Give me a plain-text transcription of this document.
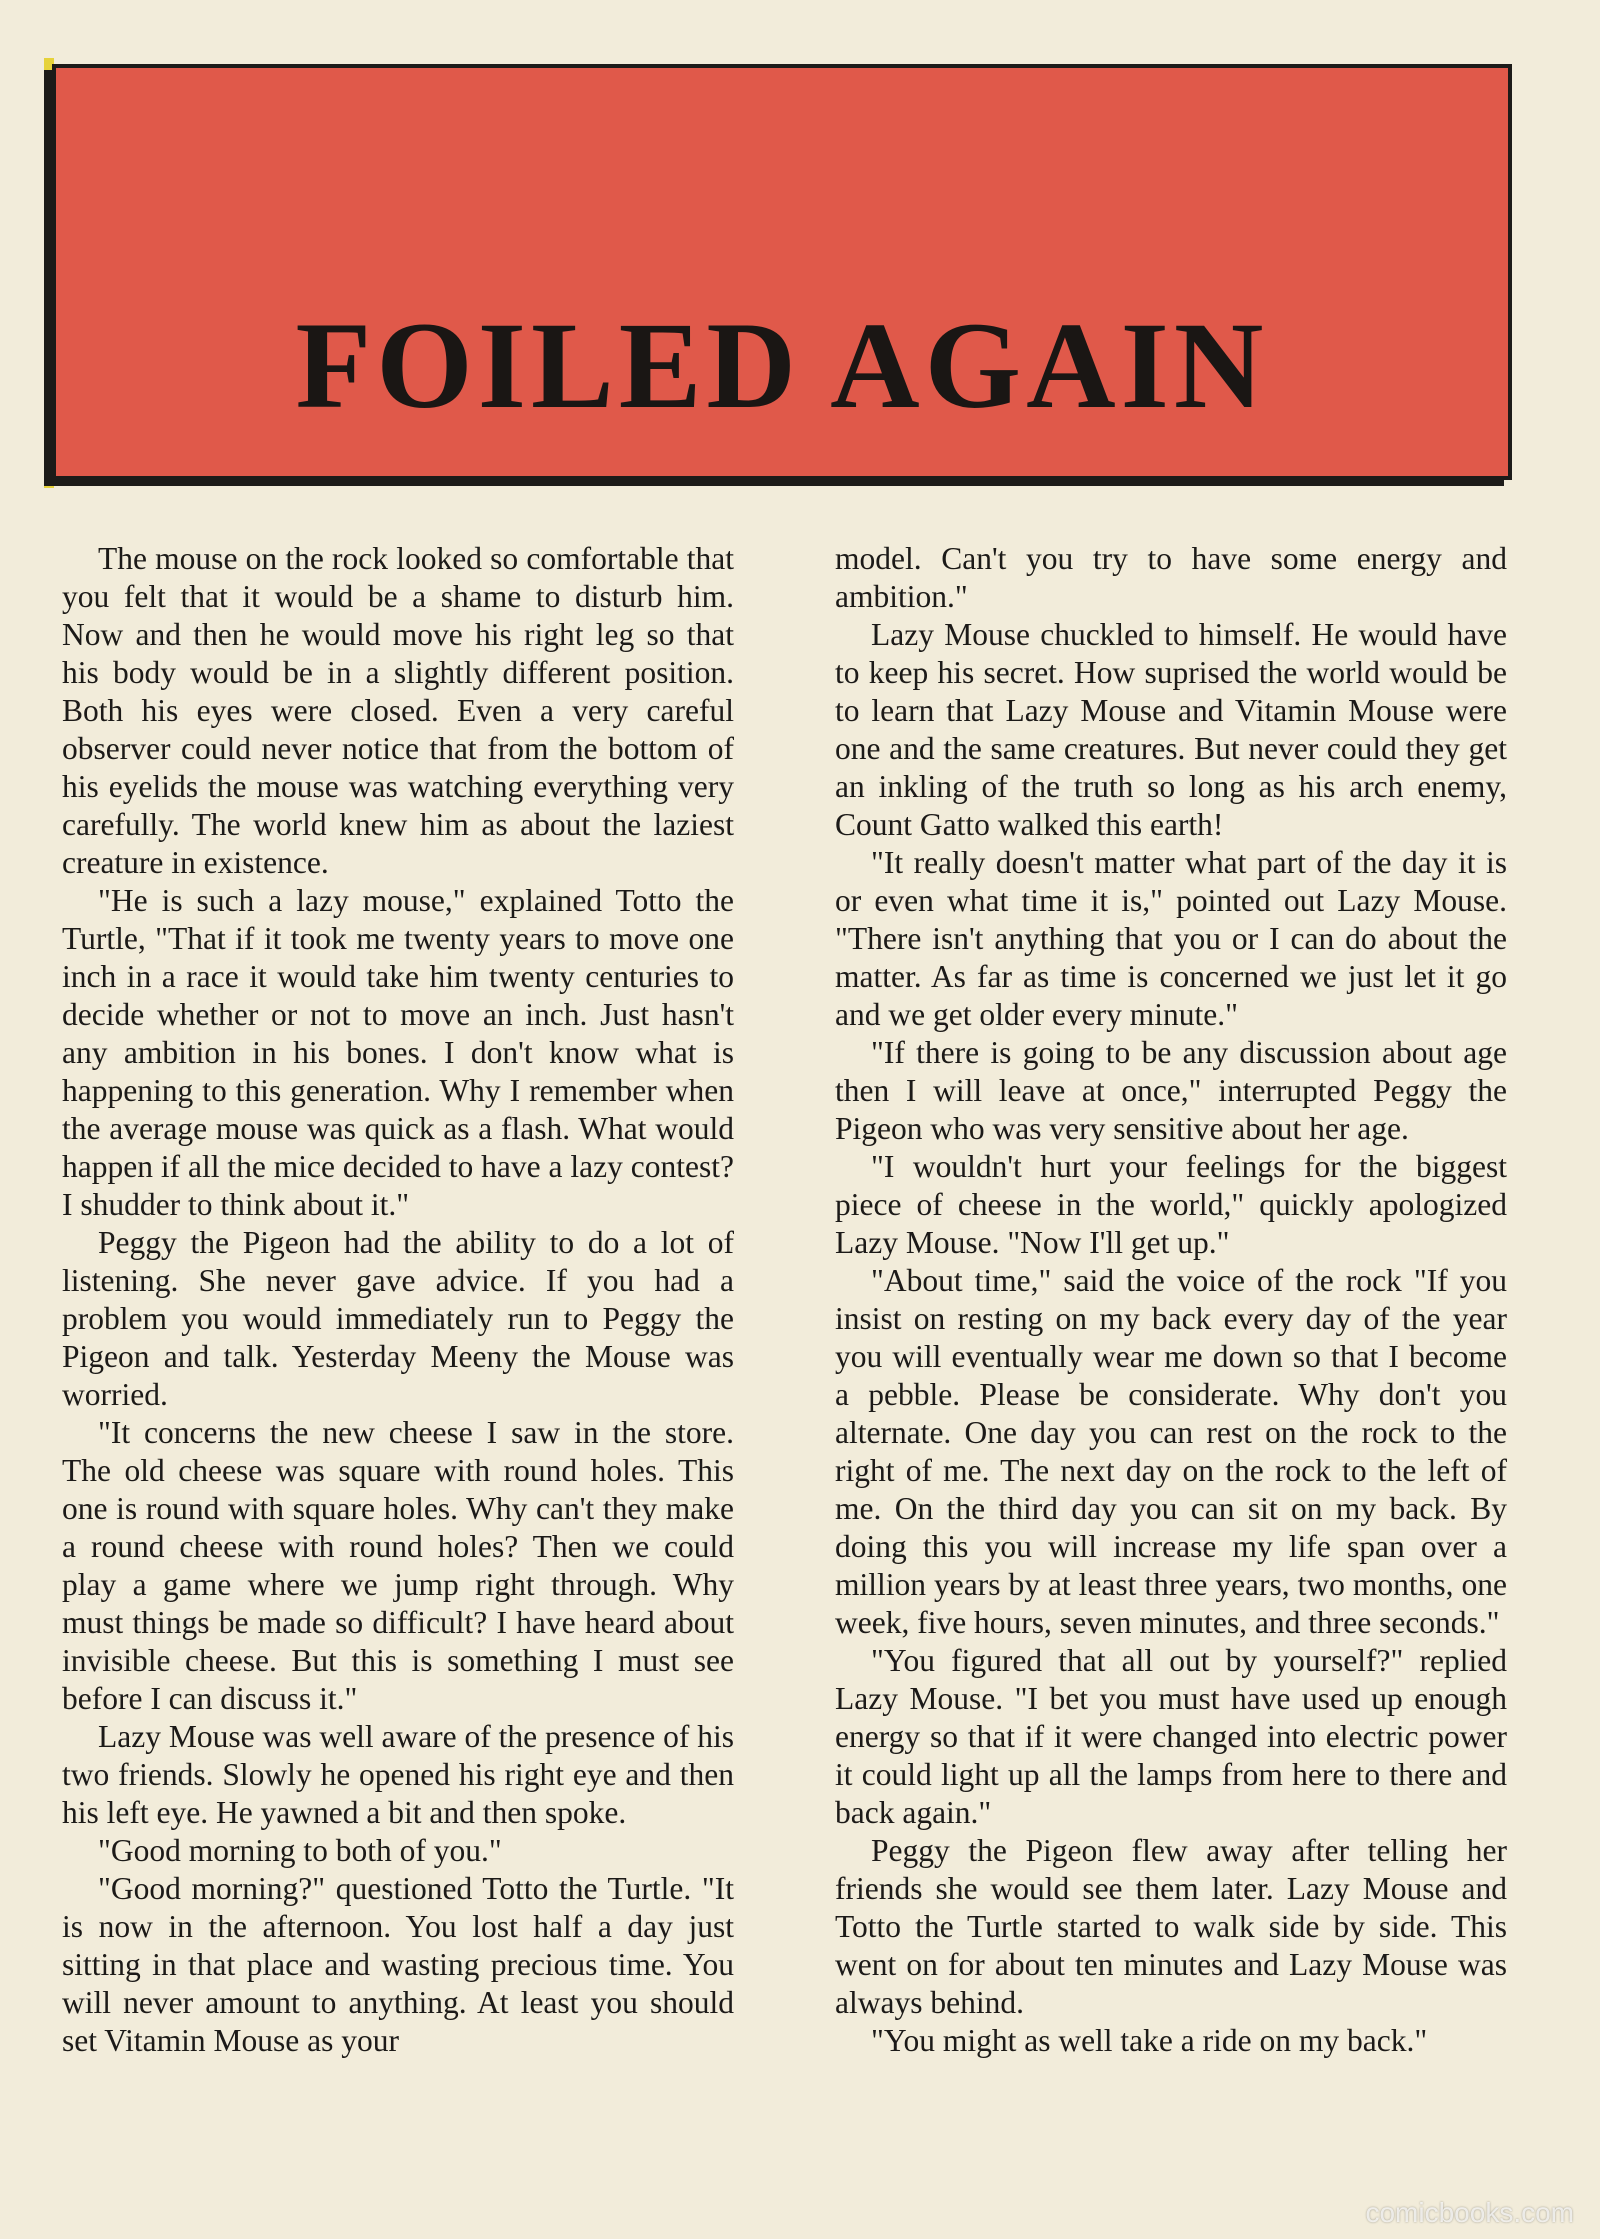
FOILED AGAIN

The mouse on the rock looked so comfortable that you felt that it would be a shame to disturb him. Now and then he would move his right leg so that his body would be in a slightly different position. Both his eyes were closed. Even a very careful observer could never notice that from the bottom of his eyelids the mouse was watching everything very carefully. The world knew him as about the laziest creature in existence.

"He is such a lazy mouse," explained Totto the Turtle, "That if it took me twenty years to move one inch in a race it would take him twenty centuries to decide whether or not to move an inch. Just hasn't any ambition in his bones. I don't know what is happening to this generation. Why I remember when the average mouse was quick as a flash. What would happen if all the mice decided to have a lazy contest? I shudder to think about it."

Peggy the Pigeon had the ability to do a lot of listening. She never gave advice. If you had a problem you would immediately run to Peggy the Pigeon and talk. Yesterday Meeny the Mouse was worried.

"It concerns the new cheese I saw in the store. The old cheese was square with round holes. This one is round with square holes. Why can't they make a round cheese with round holes? Then we could play a game where we jump right through. Why must things be made so difficult? I have heard about invisible cheese. But this is something I must see before I can discuss it."

Lazy Mouse was well aware of the presence of his two friends. Slowly he opened his right eye and then his left eye. He yawned a bit and then spoke.

"Good morning to both of you."

"Good morning?" questioned Totto the Turtle. "It is now in the afternoon. You lost half a day just sitting in that place and wasting precious time. You will never amount to anything. At least you should set Vitamin Mouse as your

model. Can't you try to have some energy and ambition."

Lazy Mouse chuckled to himself. He would have to keep his secret. How suprised the world would be to learn that Lazy Mouse and Vitamin Mouse were one and the same creatures. But never could they get an inkling of the truth so long as his arch enemy, Count Gatto walked this earth!

"It really doesn't matter what part of the day it is or even what time it is," pointed out Lazy Mouse. "There isn't anything that you or I can do about the matter. As far as time is concerned we just let it go and we get older every minute."

"If there is going to be any discussion about age then I will leave at once," interrupted Peggy the Pigeon who was very sensitive about her age.

"I wouldn't hurt your feelings for the biggest piece of cheese in the world," quickly apologized Lazy Mouse. "Now I'll get up."

"About time," said the voice of the rock "If you insist on resting on my back every day of the year you will eventually wear me down so that I become a pebble. Please be considerate. Why don't you alternate. One day you can rest on the rock to the right of me. The next day on the rock to the left of me. On the third day you can sit on my back. By doing this you will increase my life span over a million years by at least three years, two months, one week, five hours, seven minutes, and three seconds."

"You figured that all out by yourself?" replied Lazy Mouse. "I bet you must have used up enough energy so that if it were changed into electric power it could light up all the lamps from here to there and back again."

Peggy the Pigeon flew away after telling her friends she would see them later. Lazy Mouse and Totto the Turtle started to walk side by side. This went on for about ten minutes and Lazy Mouse was always behind.

"You might as well take a ride on my back."

comicbooks.com
